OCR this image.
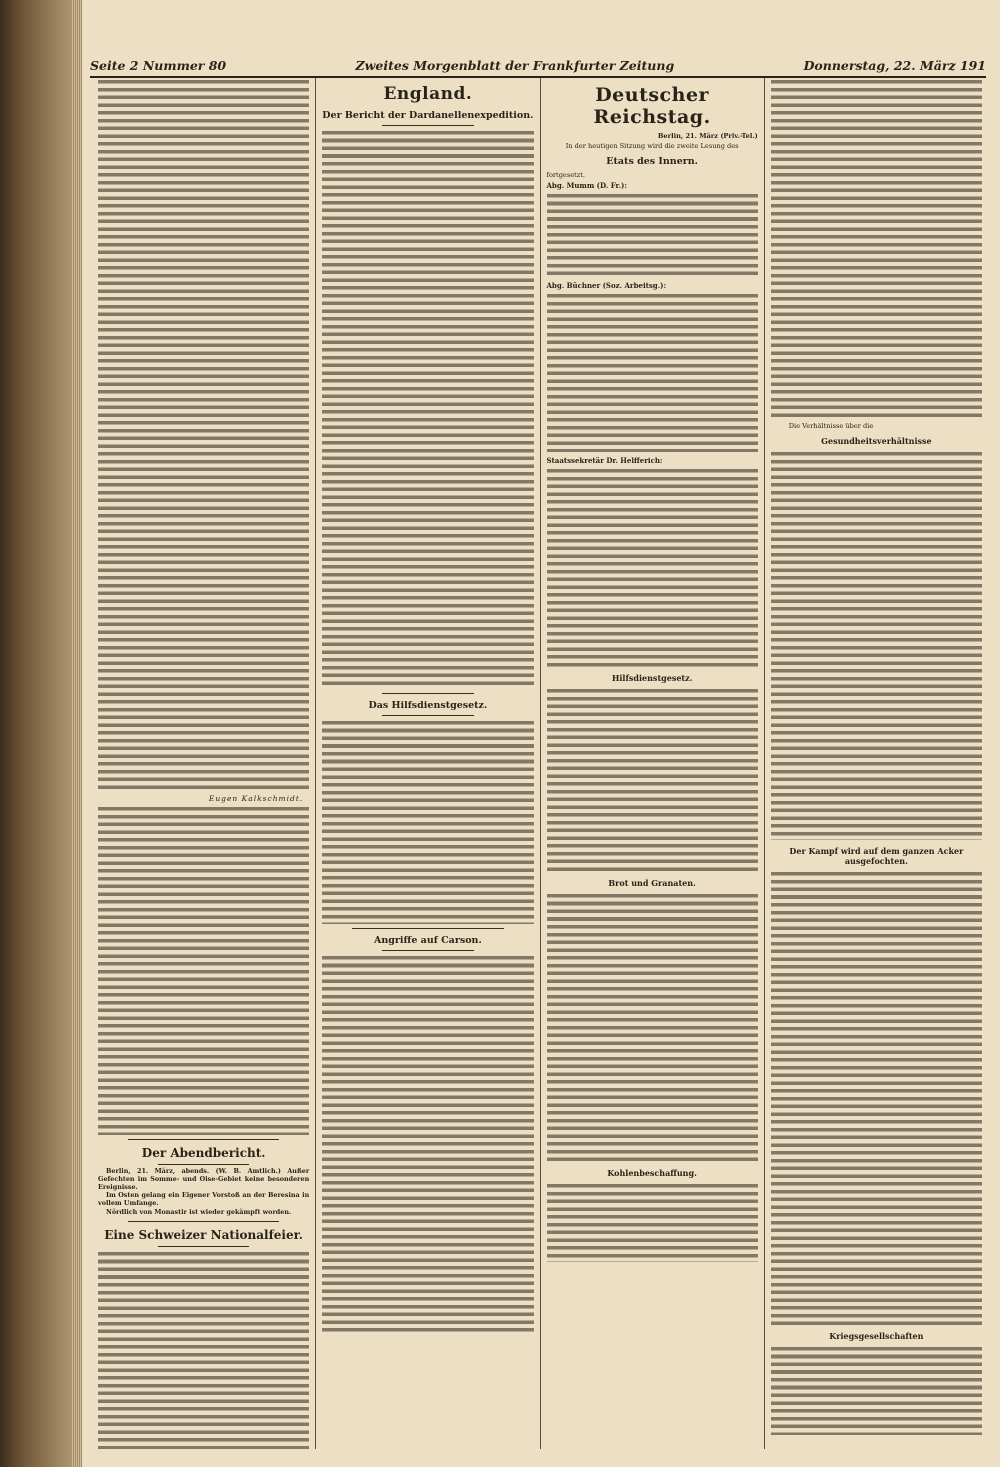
Seite 2 Nummer 80	Zweites Morgenblatt der Frankfurter Zeitung	Donnerstag, 22. März 191
Eugen Kalkschmidt.
Der Abendbericht.

Berlin, 21. März, abends. (W. B. Amtlich.) Außer Gefechten im Somme- und Oise-Gebiet keine besonderen Ereignisse.

Im Osten gelang ein Eigener Vorstoß an der Beresina in vollem Umfange.

Nördlich von Monastir ist wieder gekämpft worden.

Eine Schweizer Nationalfeier.
England.
Der Bericht der Dardanellenexpedition.
Das Hilfsdienstgesetz.
Angriffe auf Carson.
Deutscher Reichstag.
Berlin, 21. März (Priv.-Tel.)
In der heutigen Sitzung wird die zweite Lesung des
Etats des Innern.
fortgesetzt.
Abg. Mumm (D. Fr.):
Abg. Büchner (Soz. Arbeitsg.):
Staatssekretär Dr. Helfferich:
Hilfsdienstgesetz.
Brot und Granaten.
Kohlenbeschaffung.
Die Verhältnisse über die
Gesundheitsverhältnisse
Der Kampf wird auf dem ganzen Acker ausgefochten.
Kriegsgesellschaften
